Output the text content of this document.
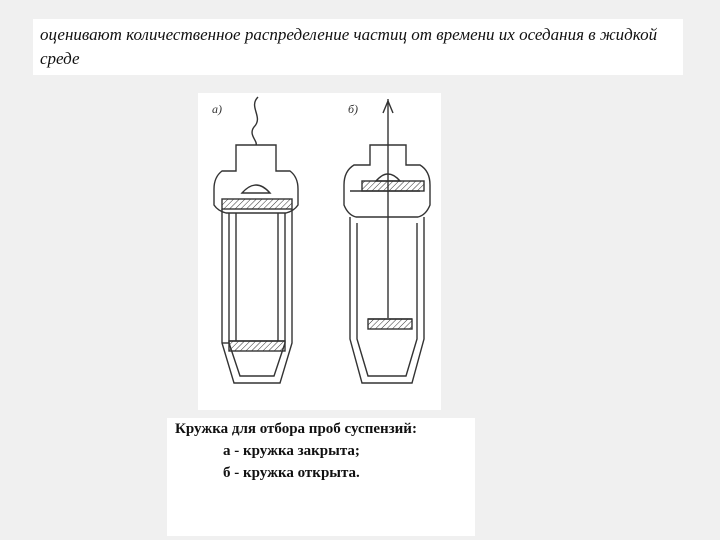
оценивают количественное распределение частиц от времени их оседания в жидкой среде

а)	б)

Кружка для отбора проб суспензий:

а - кружка закрыта;

б - кружка открыта.
